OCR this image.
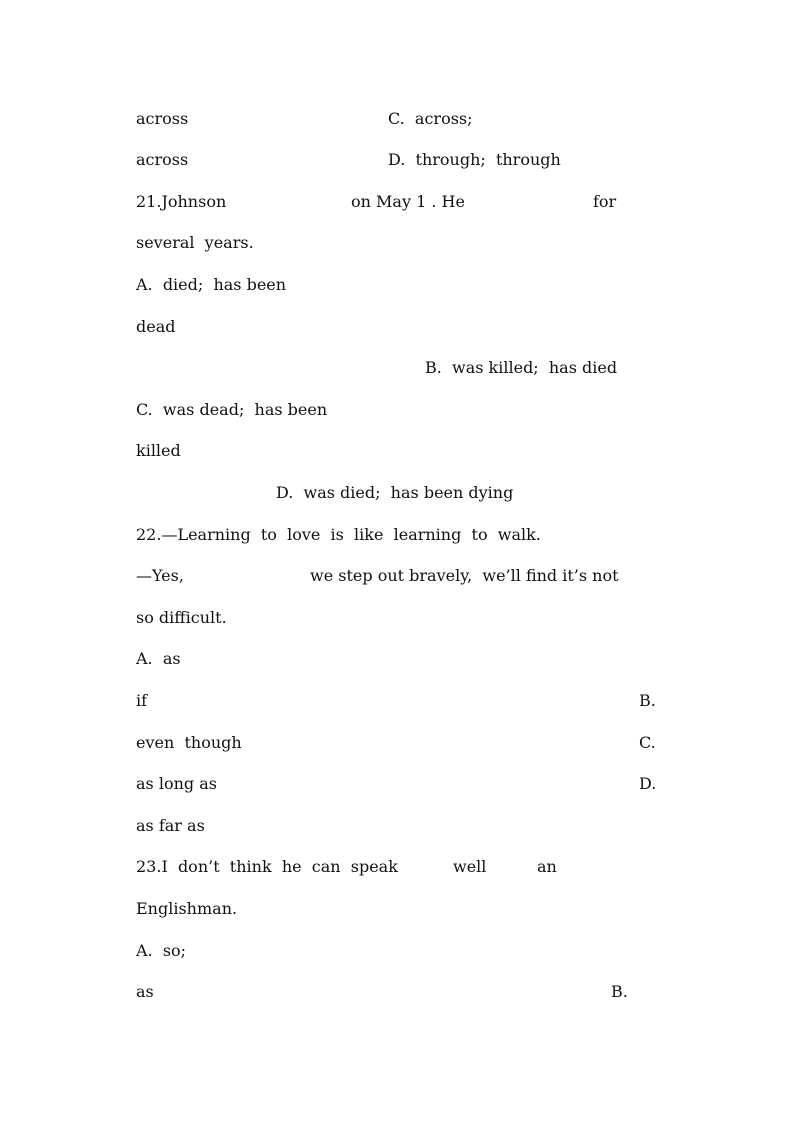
across	C.  across;
across	D.  through;  through
21.Johnson	on May 1 . He	for
several  years.
A.  died;  has been
dead
B.  was killed;  has died
C.  was dead;  has been
killed
D.  was died;  has been dying
22.—Learning  to  love  is  like  learning  to  walk.
—Yes,	we step out bravely,  we’ll find it’s not
so difficult.
A.  as
if	B.
even  though	C.
as long as	D.
as far as
23.I  don’t  think  he  can  speak	well	an
Englishman.
A.  so;
as	B.
